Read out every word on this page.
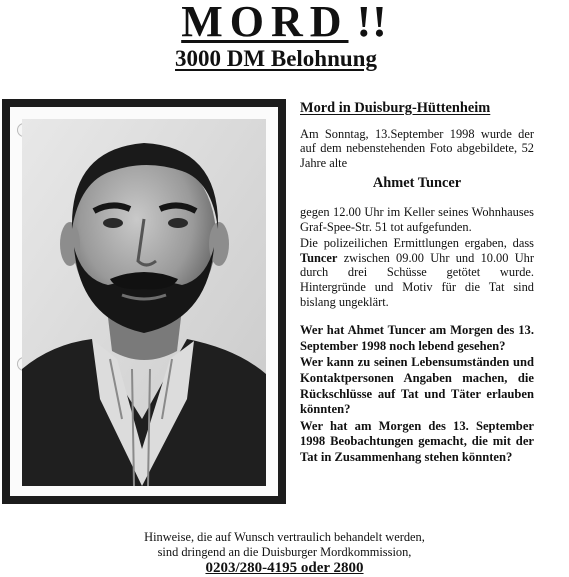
MORD !!
3000 DM Belohnung

Mord in Duisburg-Hüttenheim

Am Sonntag, 13.September 1998 wurde der auf dem nebenstehenden Foto abgebildete, 52 Jahre alte

Ahmet Tuncer

gegen 12.00 Uhr im Keller seines Wohnhauses Graf-Spee-Str. 51 tot aufgefunden.

Die polizeilichen Ermittlungen ergaben, dass Tuncer zwischen 09.00 Uhr und 10.00 Uhr durch drei Schüsse getötet wurde. Hintergründe und Motiv für die Tat sind bislang ungeklärt.

Wer hat Ahmet Tuncer am Morgen des 13. September 1998 noch lebend gesehen?

Wer kann zu seinen Lebensumständen und Kontaktpersonen Angaben machen, die Rückschlüsse auf Tat und Täter erlauben könnten?

Wer hat am Morgen des 13. September 1998 Beobachtungen gemacht, die mit der Tat in Zusammenhang stehen könnten?

Hinweise, die auf Wunsch vertraulich behandelt werden,
sind dringend an die Duisburger Mordkommission,
0203/280-4195 oder 2800
